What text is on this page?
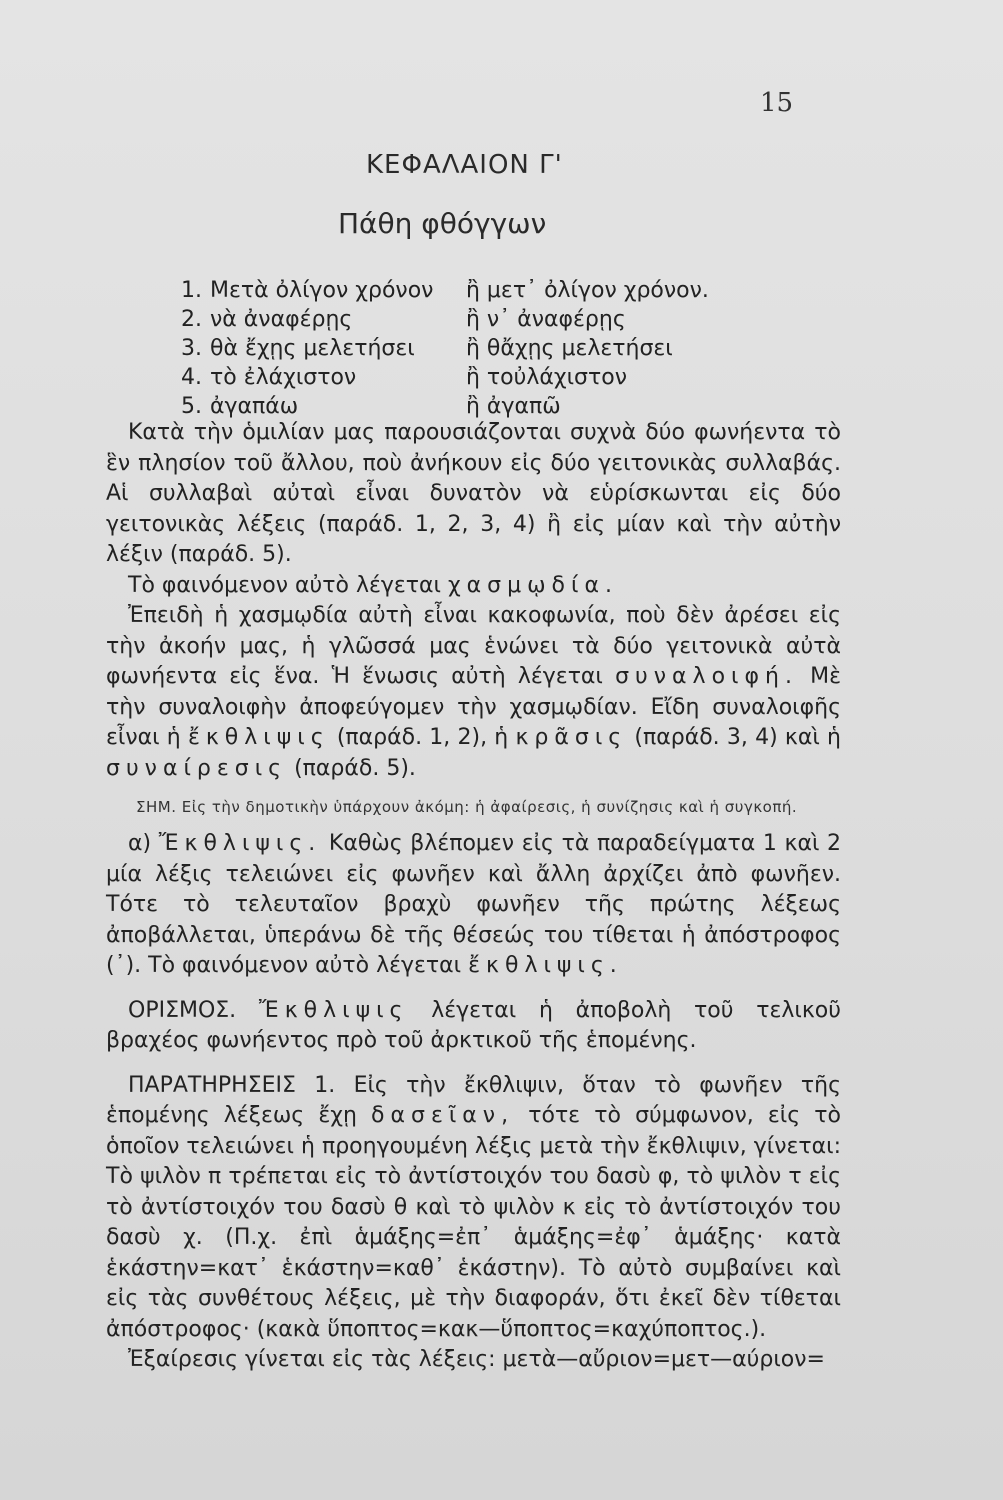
15
ΚΕΦΑΛΑΙΟΝ Γ'
Πάθη φθόγγων
1. Μετὰ ὀλίγον χρόνον	ἢ μετ᾽ ὀλίγον χρόνον.
2. νὰ ἀναφέρῃς	ἢ ν᾽ ἀναφέρῃς
3. θὰ ἔχῃς μελετήσει	ἢ θἄχῃς μελετήσει
4. τὸ ἐλάχιστον	ἢ τοὐλάχιστον
5. ἀγαπάω	ἢ ἀγαπῶ

Κατὰ τὴν ὁμιλίαν μας παρουσιάζονται συχνὰ δύο φωνήεντα τὸ ἓν πλησίον τοῦ ἄλλου, ποὺ ἀνήκουν εἰς δύο γειτονικὰς συλλαβάς. Αἱ συλλαβαὶ αὐταὶ εἶναι δυνατὸν νὰ εὑρίσκωνται εἰς δύο γειτονικὰς λέξεις (παράδ. 1, 2, 3, 4) ἢ εἰς μίαν καὶ τὴν αὐτὴν λέξιν (παράδ. 5).

Τὸ φαινόμενον αὐτὸ λέγεται χασμῳδία.

Ἐπειδὴ ἡ χασμῳδία αὐτὴ εἶναι κακοφωνία, ποὺ δὲν ἀρέσει εἰς τὴν ἀκοήν μας, ἡ γλῶσσά μας ἑνώνει τὰ δύο γειτονικὰ αὐτὰ φωνήεντα εἰς ἕνα. Ἡ ἕνωσις αὐτὴ λέγεται συναλοιφή. Μὲ τὴν συναλοιφὴν ἀποφεύγομεν τὴν χασμῳδίαν. Εἴδη συναλοιφῆς εἶναι ἡ ἔκθλιψις (παράδ. 1, 2), ἡ κρᾶσις (παράδ. 3, 4) καὶ ἡ συναίρεσις (παράδ. 5).

ΣΗΜ. Εἰς τὴν δημοτικὴν ὑπάρχουν ἀκόμη: ἡ ἀφαίρεσις, ἡ συνίζησις καὶ ἡ συγκοπή.

α) Ἔκθλιψις. Καθὼς βλέπομεν εἰς τὰ παραδείγματα 1 καὶ 2 μία λέξις τελειώνει εἰς φωνῆεν καὶ ἄλλη ἀρχίζει ἀπὸ φωνῆεν. Τότε τὸ τελευταῖον βραχὺ φωνῆεν τῆς πρώτης λέξεως ἀποβάλλεται, ὑπεράνω δὲ τῆς θέσεώς του τίθεται ἡ ἀπόστροφος (᾽). Τὸ φαινόμενον αὐτὸ λέγεται ἔκθλιψις.

ΟΡΙΣΜΟΣ. Ἔκθλιψις λέγεται ἡ ἀποβολὴ τοῦ τελικοῦ βραχέος φωνήεντος πρὸ τοῦ ἀρκτικοῦ τῆς ἑπομένης.

ΠΑΡΑΤΗΡΗΣΕΙΣ 1. Εἰς τὴν ἔκθλιψιν, ὅταν τὸ φωνῆεν τῆς ἑπομένης λέξεως ἔχῃ δασεῖαν, τότε τὸ σύμφωνον, εἰς τὸ ὁποῖον τελειώνει ἡ προηγουμένη λέξις μετὰ τὴν ἔκθλιψιν, γίνεται: Τὸ ψιλὸν π τρέπεται εἰς τὸ ἀντίστοιχόν του δασὺ φ, τὸ ψιλὸν τ εἰς τὸ ἀντίστοιχόν του δασὺ θ καὶ τὸ ψιλὸν κ εἰς τὸ ἀντίστοιχόν του δασὺ χ. (Π.χ. ἐπὶ ἁμάξης=ἐπ᾽ ἁμάξης=ἐφ᾽ ἁμάξης· κατὰ ἑκάστην=κατ᾽ ἑκάστην=καθ᾽ ἑκάστην). Τὸ αὐτὸ συμβαίνει καὶ εἰς τὰς συνθέτους λέξεις, μὲ τὴν διαφοράν, ὅτι ἐκεῖ δὲν τίθεται ἀπόστροφος· (κακὰ ὕποπτος=κακ—ὕποπτος=καχύποπτος.).

Ἐξαίρεσις γίνεται εἰς τὰς λέξεις: μετὰ—αὔριον=μετ—αύριον=
